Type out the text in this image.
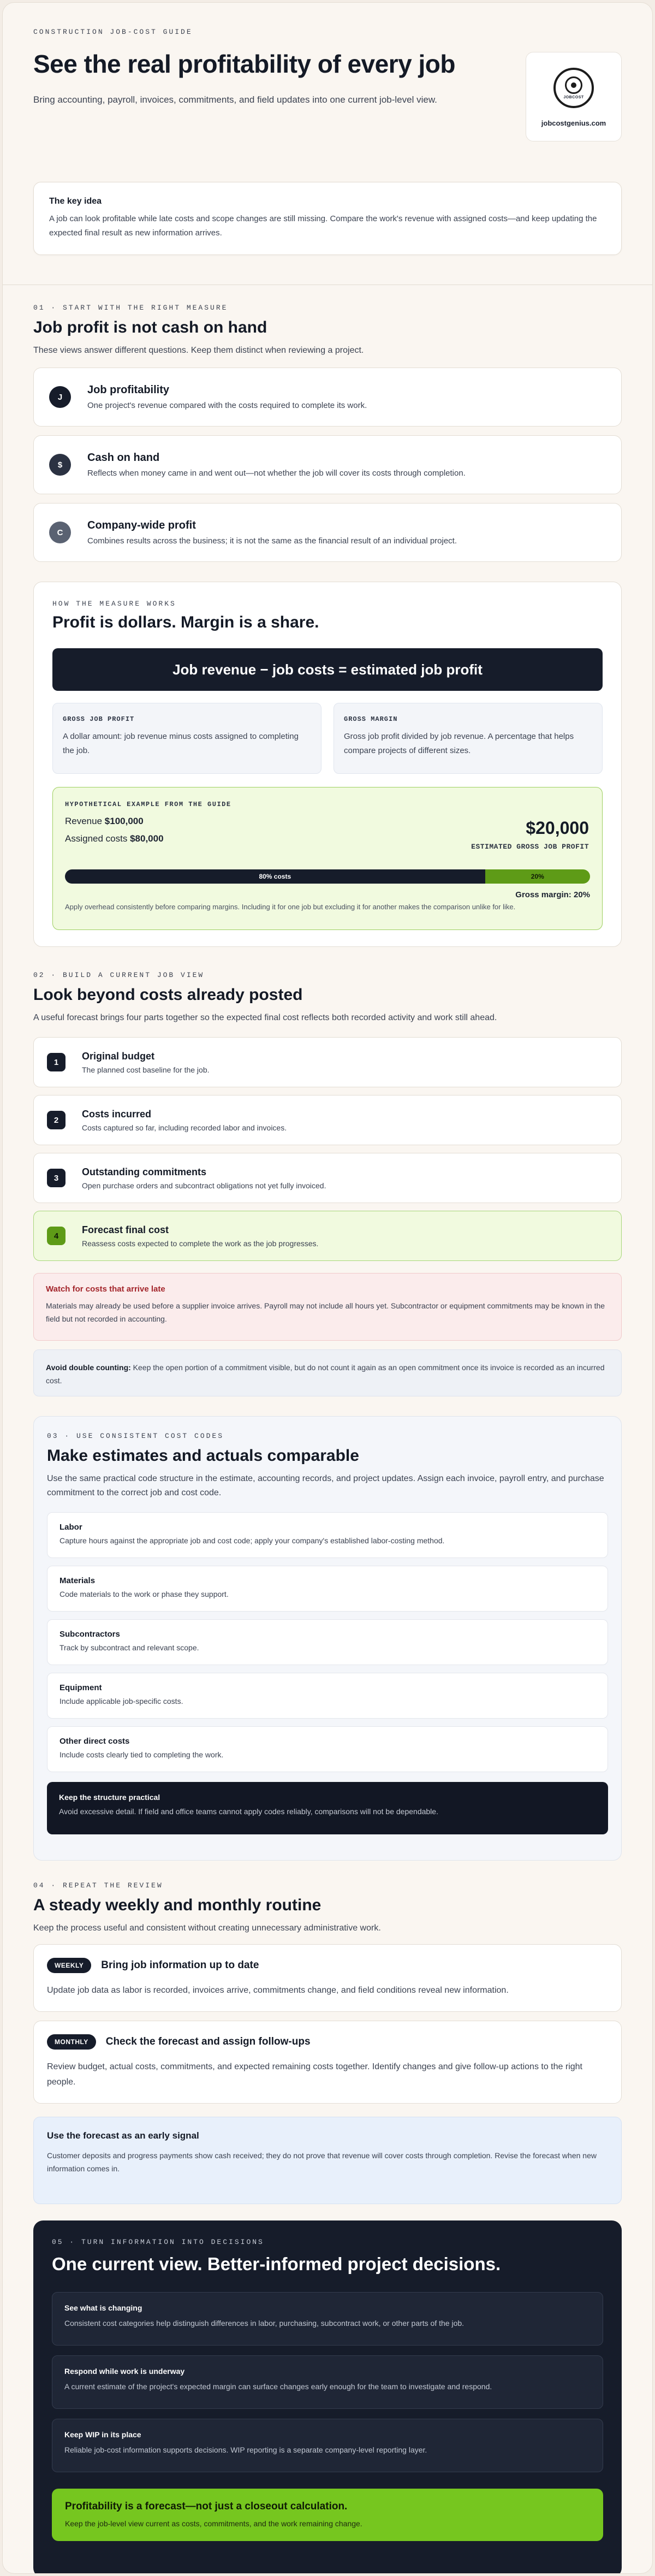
CONSTRUCTION JOB-COST GUIDE
See the real profitability of every job

Bring accounting, payroll, invoices, commitments, and field updates into one current job-level view.	JOBCOST
jobcostgenius.com
The key idea

A job can look profitable while late costs and scope changes are still missing. Compare the work's revenue with assigned costs—and keep updating the expected final result as new information arrives.

01 · START WITH THE RIGHT MEASURE
Job profit is not cash on hand

These views answer different questions. Keep them distinct when reviewing a project.

J
Job profitability

One project's revenue compared with the costs required to complete its work.

$
Cash on hand

Reflects when money came in and went out—not whether the job will cover its costs through completion.

C
Company-wide profit

Combines results across the business; it is not the same as the financial result of an individual project.

HOW THE MEASURE WORKS
Profit is dollars. Margin is a share.
Job revenue − job costs = estimated job profit
GROSS JOB PROFIT

A dollar amount: job revenue minus costs assigned to completing the job.

GROSS MARGIN

Gross job profit divided by job revenue. A percentage that helps compare projects of different sizes.

HYPOTHETICAL EXAMPLE FROM THE GUIDE
Revenue $100,000
Assigned costs $80,000
$20,000
ESTIMATED GROSS JOB PROFIT
80% costs	20%
Gross margin: 20%
Apply overhead consistently before comparing margins. Including it for one job but excluding it for another makes the comparison unlike for like.
02 · BUILD A CURRENT JOB VIEW
Look beyond costs already posted

A useful forecast brings four parts together so the expected final cost reflects both recorded activity and work still ahead.

1
Original budget

The planned cost baseline for the job.

2
Costs incurred

Costs captured so far, including recorded labor and invoices.

3
Outstanding commitments

Open purchase orders and subcontract obligations not yet fully invoiced.

4
Forecast final cost

Reassess costs expected to complete the work as the job progresses.

Watch for costs that arrive late

Materials may already be used before a supplier invoice arrives. Payroll may not include all hours yet. Subcontractor or equipment commitments may be known in the field but not recorded in accounting.

Avoid double counting: Keep the open portion of a commitment visible, but do not count it again as an open commitment once its invoice is recorded as an incurred cost.
03 · USE CONSISTENT COST CODES
Make estimates and actuals comparable

Use the same practical code structure in the estimate, accounting records, and project updates. Assign each invoice, payroll entry, and purchase commitment to the correct job and cost code.

Labor

Capture hours against the appropriate job and cost code; apply your company's established labor-costing method.

Materials

Code materials to the work or phase they support.

Subcontractors

Track by subcontract and relevant scope.

Equipment

Include applicable job-specific costs.

Other direct costs

Include costs clearly tied to completing the work.

Keep the structure practical

Avoid excessive detail. If field and office teams cannot apply codes reliably, comparisons will not be dependable.

04 · REPEAT THE REVIEW
A steady weekly and monthly routine

Keep the process useful and consistent without creating unnecessary administrative work.

WEEKLY	Bring job information up to date

Update job data as labor is recorded, invoices arrive, commitments change, and field conditions reveal new information.

MONTHLY	Check the forecast and assign follow-ups

Review budget, actual costs, commitments, and expected remaining costs together. Identify changes and give follow-up actions to the right people.

Use the forecast as an early signal

Customer deposits and progress payments show cash received; they do not prove that revenue will cover costs through completion. Revise the forecast when new information comes in.

05 · TURN INFORMATION INTO DECISIONS
One current view. Better-informed project decisions.
See what is changing

Consistent cost categories help distinguish differences in labor, purchasing, subcontract work, or other parts of the job.

Respond while work is underway

A current estimate of the project's expected margin can surface changes early enough for the team to investigate and respond.

Keep WIP in its place

Reliable job-cost information supports decisions. WIP reporting is a separate company-level reporting layer.

Profitability is a forecast—not just a closeout calculation.

Keep the job-level view current as costs, commitments, and the work remaining change.
